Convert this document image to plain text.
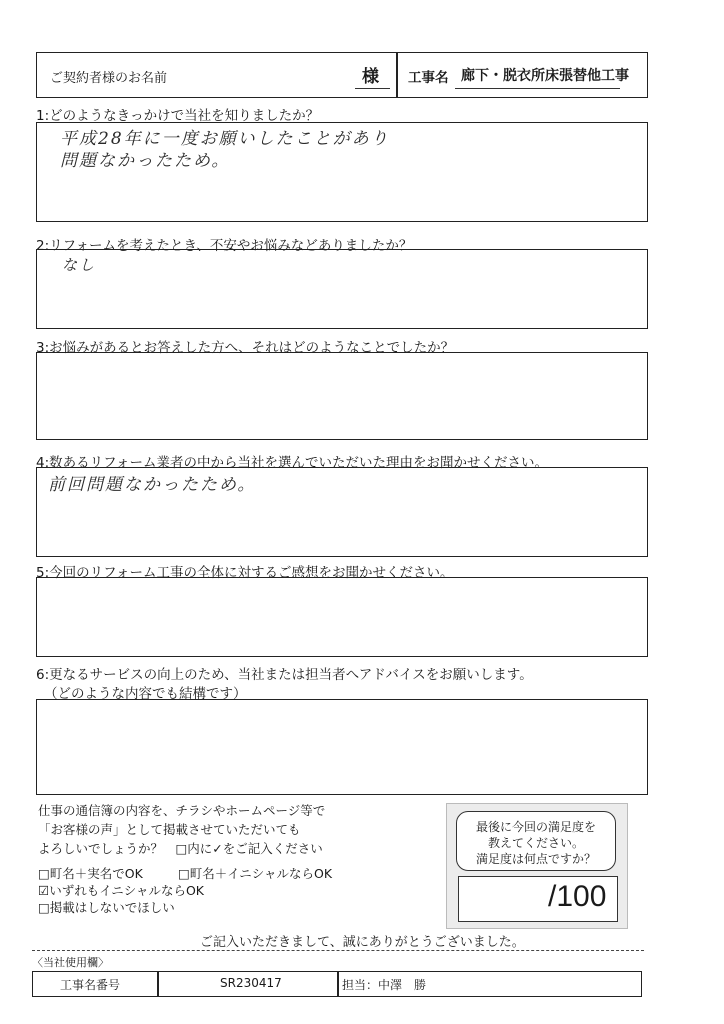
ご契約者様のお名前	様 工事名 廊下・脱衣所床張替他工事
1:どのようなきっかけで当社を知りましたか？
平成28年に一度お願いしたことがあり
問題なかったため。
2:リフォームを考えたとき、不安やお悩みなどありましたか？
なし
3:お悩みがあるとお答えした方へ、それはどのようなことでしたか？
4:数あるリフォーム業者の中から当社を選んでいただいた理由をお聞かせください。
前回問題なかったため。
5:今回のリフォーム工事の全体に対するご感想をお聞かせください。
6:更なるサービスの向上のため、当社または担当者へアドバイスをお願いします。
（どのような内容でも結構です）
仕事の通信簿の内容を、チラシやホームページ等で
「お客様の声」として掲載させていただいても
よろしいでしょうか？　□内に✓をご記入ください
□町名＋実名でOK	□町名＋イニシャルならOK
☑いずれもイニシャルならOK
□掲載はしないでほしい
最後に今回の満足度を
教えてください。
満足度は何点ですか？
/100
ご記入いただきまして、誠にありがとうございました。
〈当社使用欄〉
工事名番号	SR230417	担当：中澤　勝
